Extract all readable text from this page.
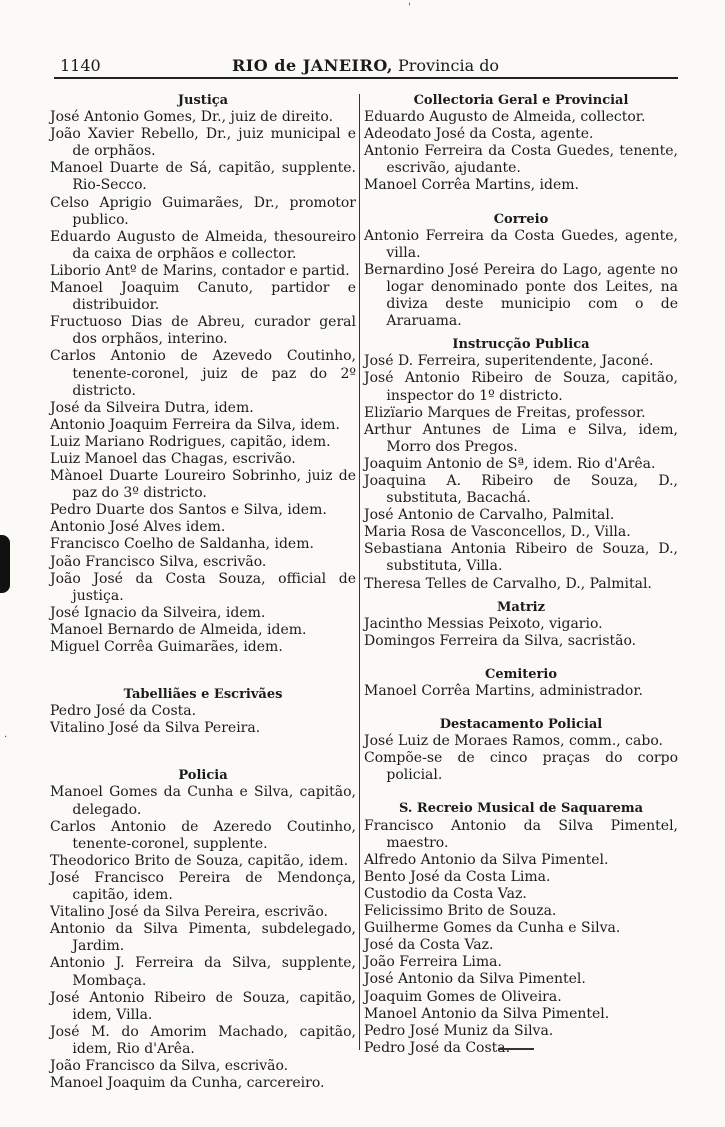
1140	RIO de JANEIRO, Provincia do

Justiça

José Antonio Gomes, Dr., juiz de direito.

João Xavier Rebello, Dr., juiz municipal e de orphãos.

Manoel Duarte de Sá, capitão, supplente. Rio-Secco.

Celso Aprigio Guimarães, Dr., promotor publico.

Eduardo Augusto de Almeida, thesoureiro da caixa de orphãos e collector.

Liborio Antº de Marins, contador e partid.

Manoel Joaquim Canuto, partidor e distribuidor.

Fructuoso Dias de Abreu, curador geral dos orphãos, interino.

Carlos Antonio de Azevedo Coutinho, tenente-coronel, juiz de paz do 2º districto.

José da Silveira Dutra, idem.

Antonio Joaquim Ferreira da Silva, idem.

Luiz Mariano Rodrigues, capitão, idem.

Luiz Manoel das Chagas, escrivão.

Mànoel Duarte Loureiro Sobrinho, juiz de paz do 3º districto.

Pedro Duarte dos Santos e Silva, idem.

Antonio José Alves idem.

Francisco Coelho de Saldanha, idem.

João Francisco Silva, escrivão.

João José da Costa Souza, official de justiça.

José Ignacio da Silveira, idem.

Manoel Bernardo de Almeida, idem.

Miguel Corrêa Guimarães, idem.

Tabelliães e Escrivães

Pedro José da Costa.

Vitalino José da Silva Pereira.

Policia

Manoel Gomes da Cunha e Silva, capitão, delegado.

Carlos Antonio de Azeredo Coutinho, tenente-coronel, supplente.

Theodorico Brito de Souza, capitão, idem.

José Francisco Pereira de Mendonça, capitão, idem.

Vitalino José da Silva Pereira, escrivão.

Antonio da Silva Pimenta, subdelegado, Jardim.

Antonio J. Ferreira da Silva, supplente, Mombaça.

José Antonio Ribeiro de Souza, capitão, idem, Villa.

José M. do Amorim Machado, capitão, idem, Rio d'Arêa.

João Francisco da Silva, escrivão.

Manoel Joaquim da Cunha, carcereiro.

Collectoria Geral e Provincial

Eduardo Augusto de Almeida, collector.

Adeodato José da Costa, agente.

Antonio Ferreira da Costa Guedes, tenente, escrivão, ajudante.

Manoel Corrêa Martins, idem.

Correio

Antonio Ferreira da Costa Guedes, agente, villa.

Bernardino José Pereira do Lago, agente no logar denominado ponte dos Leites, na diviza deste municipio com o de Araruama.

Instrucção Publica

José D. Ferreira, superitendente, Jaconé.

José Antonio Ribeiro de Souza, capitão, inspector do 1º districto.

Elizïario Marques de Freitas, professor.

Arthur Antunes de Lima e Silva, idem, Morro dos Pregos.

Joaquim Antonio de Sª, idem. Rio d'Arêa.

Joaquina A. Ribeiro de Souza, D., substituta, Bacachá.

José Antonio de Carvalho, Palmital.

Maria Rosa de Vasconcellos, D., Villa.

Sebastiana Antonia Ribeiro de Souza, D., substituta, Villa.

Theresa Telles de Carvalho, D., Palmital.

Matriz

Jacintho Messias Peixoto, vigario.

Domingos Ferreira da Silva, sacristão.

Cemiterio

Manoel Corrêa Martins, administrador.

Destacamento Policial

José Luiz de Moraes Ramos, comm., cabo.

Compõe-se de cinco praças do corpo policial.

S. Recreio Musical de Saquarema

Francisco Antonio da Silva Pimentel, maestro.

Alfredo Antonio da Silva Pimentel.

Bento José da Costa Lima.

Custodio da Costa Vaz.

Felicissimo Brito de Souza.

Guilherme Gomes da Cunha e Silva.

José da Costa Vaz.

João Ferreira Lima.

José Antonio da Silva Pimentel.

Joaquim Gomes de Oliveira.

Manoel Antonio da Silva Pimentel.

Pedro José Muniz da Silva.

Pedro José da Costa.

'
·
